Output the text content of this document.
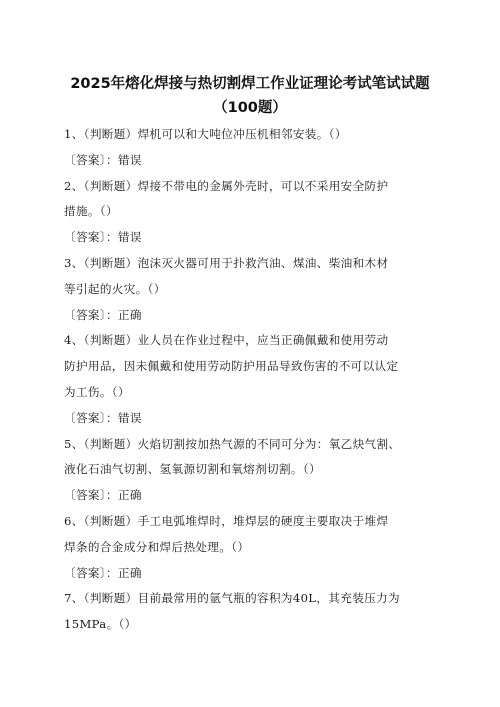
2025年熔化焊接与热切割焊工作业证理论考试笔试试题
（100题）
1、（判断题）焊机可以和大吨位冲压机相邻安装。（）
〔答案〕：错误
2、（判断题）焊接不带电的金属外壳时，可以不采用安全防护
措施。（）
〔答案〕：错误
3、（判断题）泡沫灭火器可用于扑救汽油、煤油、柴油和木材
等引起的火灾。（）
〔答案〕：正确
4、（判断题）业人员在作业过程中，应当正确佩戴和使用劳动
防护用品，因未佩戴和使用劳动防护用品导致伤害的不可以认定
为工伤。（）
〔答案〕：错误
5、（判断题）火焰切割按加热气源的不同可分为：氧乙炔气割、
液化石油气切割、氢氧源切割和氧熔剂切割。（）
〔答案〕：正确
6、（判断题）手工电弧堆焊时，堆焊层的硬度主要取决于堆焊
焊条的合金成分和焊后热处理。（）
〔答案〕：正确
7、（判断题）目前最常用的氩气瓶的容积为40L，其充装压力为
15MPa。（）
